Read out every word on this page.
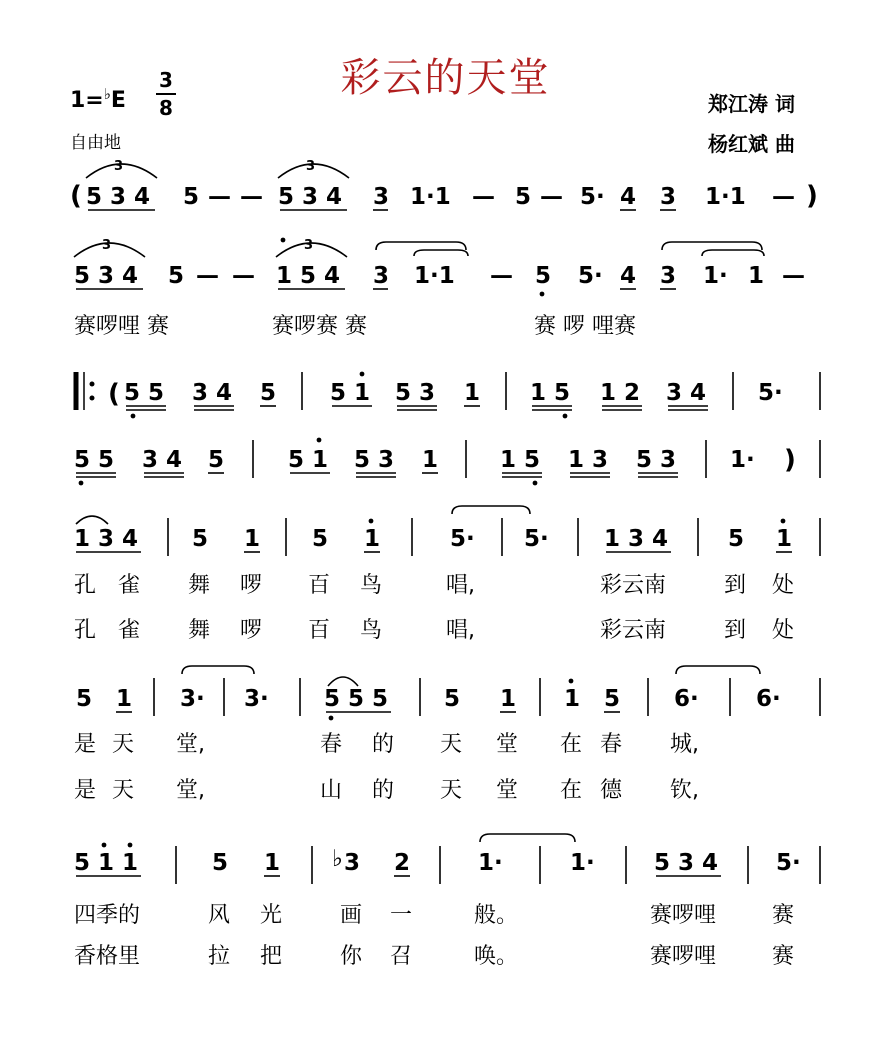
彩云的天堂
1=♭E
3
8
自由地
郑江涛 词
杨红斌 曲
( 5 3 4 5 — — 5 3 4 3 1·1 — 5 — 5· 4 3 1·1 — )
3	3
5 3 4 5 — — 1 5 4 3 1·1 — 5 5· 4 3 1· 1 —
3	3
赛啰哩 赛	赛啰赛 赛	赛 啰 哩赛
( 5 5 3 4 5 5 1 5 3 1 1 5 1 2 3 4 5·
5 5 3 4 5	5 1 5 3 1	1 5 1 3 5 3 1· )
1 3 4 5 1 5 1	5· 5· 1 3 4	5 1
孔 雀 舞 啰 百 鸟	唱,	彩云南	到 处
孔 雀 舞 啰 百 鸟	唱,	彩云南	到 处
5 1 3· 3· 5 5 5 5 1 1 5 6· 6·
是 天 堂,	春 的 天 堂 在 春 城,
是 天 堂,	山 的 天 堂 在 德 钦,
5 1 1	5 1 ♭ 3 2	1·	1·	5 3 4	5·
四季的	风 光	画 一	般。	赛啰哩	赛
香格里	拉 把	你 召	唤。	赛啰哩	赛
